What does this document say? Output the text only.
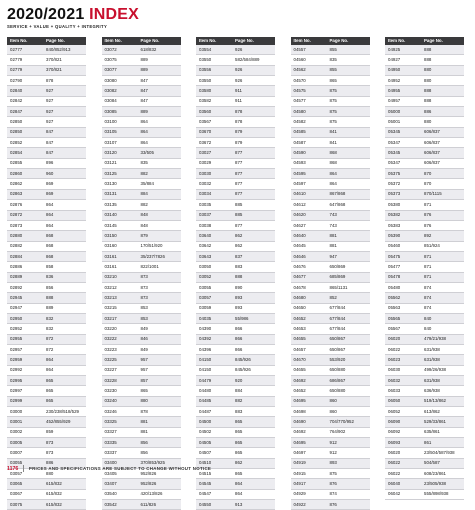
2020/2021 INDEX
SERVICE + VALUE + QUALITY + INTEGRITY
Item No.	Page No.
02777	840/852/913
02779	370/821
02779	370/821
02790	878
02840	927
02842	927
02847	927
02850	927
02850	847
02852	847
02854	847
02855	896
02860	960
02862	869
02863	869
02876	864
02872	864
02873	864
02880	868
02882	868
02884	868
02886	858
02889	836
02892	856
02945	888
02947	889
02950	832
02952	832
02955	872
02957	872
02959	864
02992	864
02995	865
02997	865
02999	865
03000	230/238/518/529
03001	452/855/929
03002	859
03005	873
03007	873
03055	886
03057	880
03065	615/832
03067	615/832
03075	615/832
Item No.	Page No.
03072	618/832
03075	889
03077	889
03080	847
03082	847
03084	847
03085	889
03100	864
03105	864
03107	864
03120	33/505
03121	835
03125	882
03130	35/884
03131	884
03135	882
03140	848
03145	848
03150	879
03160	170/51/920
03161	35/237/7826
03161	822/1001
03210	873
03212	873
03213	873
03215	853
03217	853
03220	849
03222	846
03223	849
03225	957
03227	957
03228	857
03230	865
03240	880
03246	878
03325	881
03327	881
03335	856
03337	856
03400	370/853/925
03405	952/826
03407	952/826
03540	420/13/826
03542	611/826
Item No.	Page No.
03554	926
03550	582/584/889
03556	926
03550	926
03580	911
03582	911
03560	878
03567	878
03670	879
03672	879
03027	877
03029	877
03030	877
03032	877
03034	877
03035	885
03037	885
03038	877
03640	862
03642	862
03643	837
03050	883
03052	888
03055	890
03057	893
03059	893
04035	55/986
04390	866
04392	866
04396	866
04150	845/926
04150	845/926
04479	920
04480	884
04485	882
04487	883
04500	865
04502	865
04505	865
04507	865
04510	862
04515	865
04545	864
04547	864
04550	913
Item No.	Page No.
04557	855
04560	835
04562	855
04570	865
04575	875
04577	875
04580	875
04582	875
04585	841
04587	841
04590	868
04593	868
04595	864
04597	864
04610	867/868
04612	647/868
04620	743
04627	743
04640	881
04645	881
04646	947
04676	650/869
04677	685/869
04678	865/1131
04680	852
04650	677/844
04652	677/844
04653	677/844
04655	650/867
04657	650/867
04670	553/920
04655	650/880
04692	686/867
04652	650/880
04695	860
04698	860
04690	704/770/952
04692	764/902
04695	912
04697	912
04919	893
04915	875
04917	876
04929	874
04922	876
Item No.	Page No.
04925	888
04927	888
04950	880
04952	880
04955	888
04957	888
05000	886
05001	880
05345	606/837
05347	606/837
05345	606/837
05347	606/837
05375	870
05372	870
05373	870/1115
05380	871
05382	876
05383	876
05390	892
05460	851/924
05475	871
05477	871
05478	871
05480	874
05562	874
05563	874
05565	840
05567	840
06020	479/21/938
06022	631/938
06023	631/938
06030	499/26/938
06032	631/938
06033	636/938
06050	519/13/862
06052	613/862
06090	529/33/861
06092	635/861
06093	861
06020	23/504/587/938
06022	504/587
06022	608/23/861
06040	23/505/938
06042	555/898/938
1176 PRICES AND SPECIFICATIONS ARE SUBJECT TO CHANGE WITHOUT NOTICE
